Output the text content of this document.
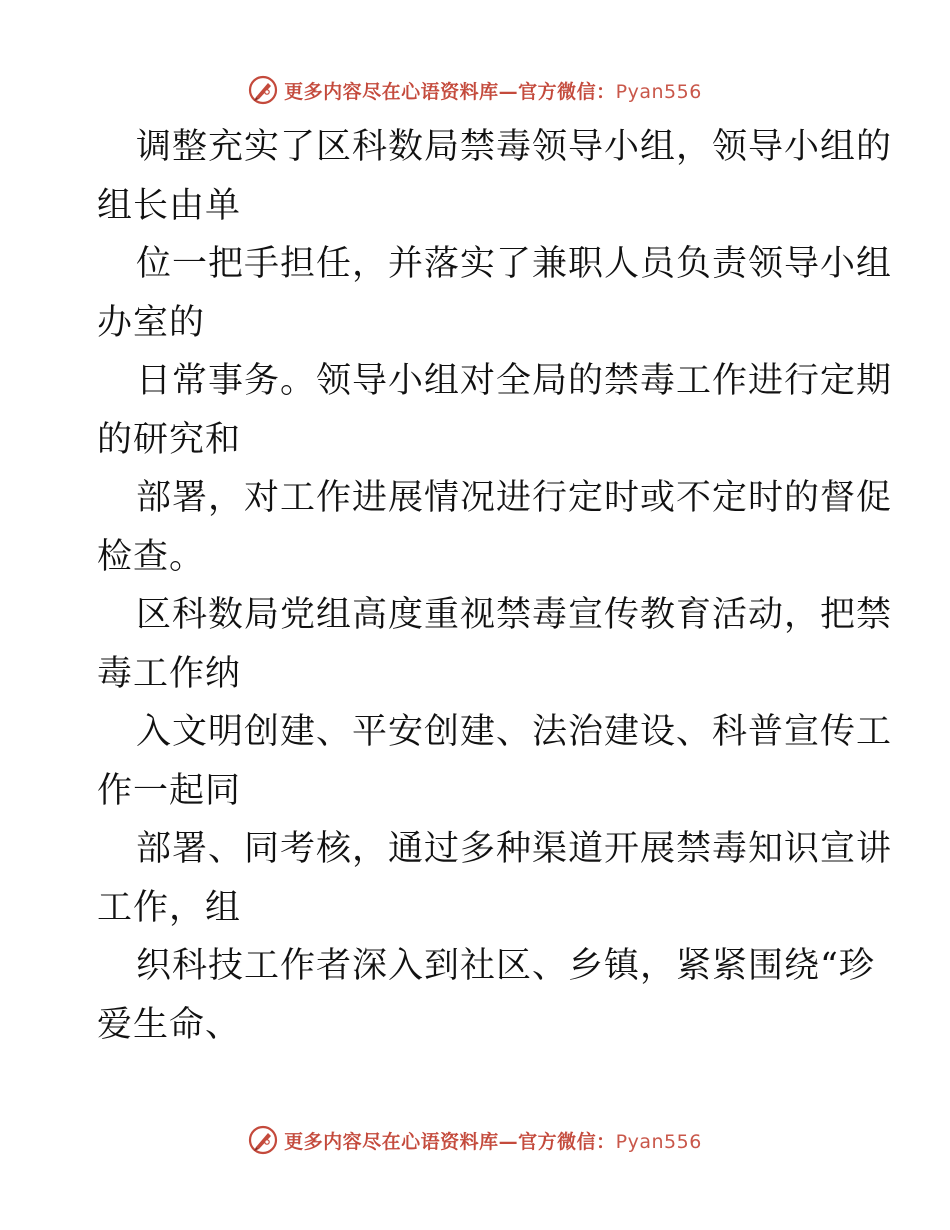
更多内容尽在心语资料库—官方微信：Pyan556
调整充实了区科数局禁毒领导小组，领导小组的
组长由单
位一把手担任，并落实了兼职人员负责领导小组
办室的
日常事务。领导小组对全局的禁毒工作进行定期
的研究和
部署，对工作进展情况进行定时或不定时的督促
检查。
区科数局党组高度重视禁毒宣传教育活动，把禁
毒工作纳
入文明创建、平安创建、法治建设、科普宣传工
作一起同
部署、同考核，通过多种渠道开展禁毒知识宣讲
工作，组
织科技工作者深入到社区、乡镇，紧紧围绕“珍
爱生命、
更多内容尽在心语资料库—官方微信：Pyan556
